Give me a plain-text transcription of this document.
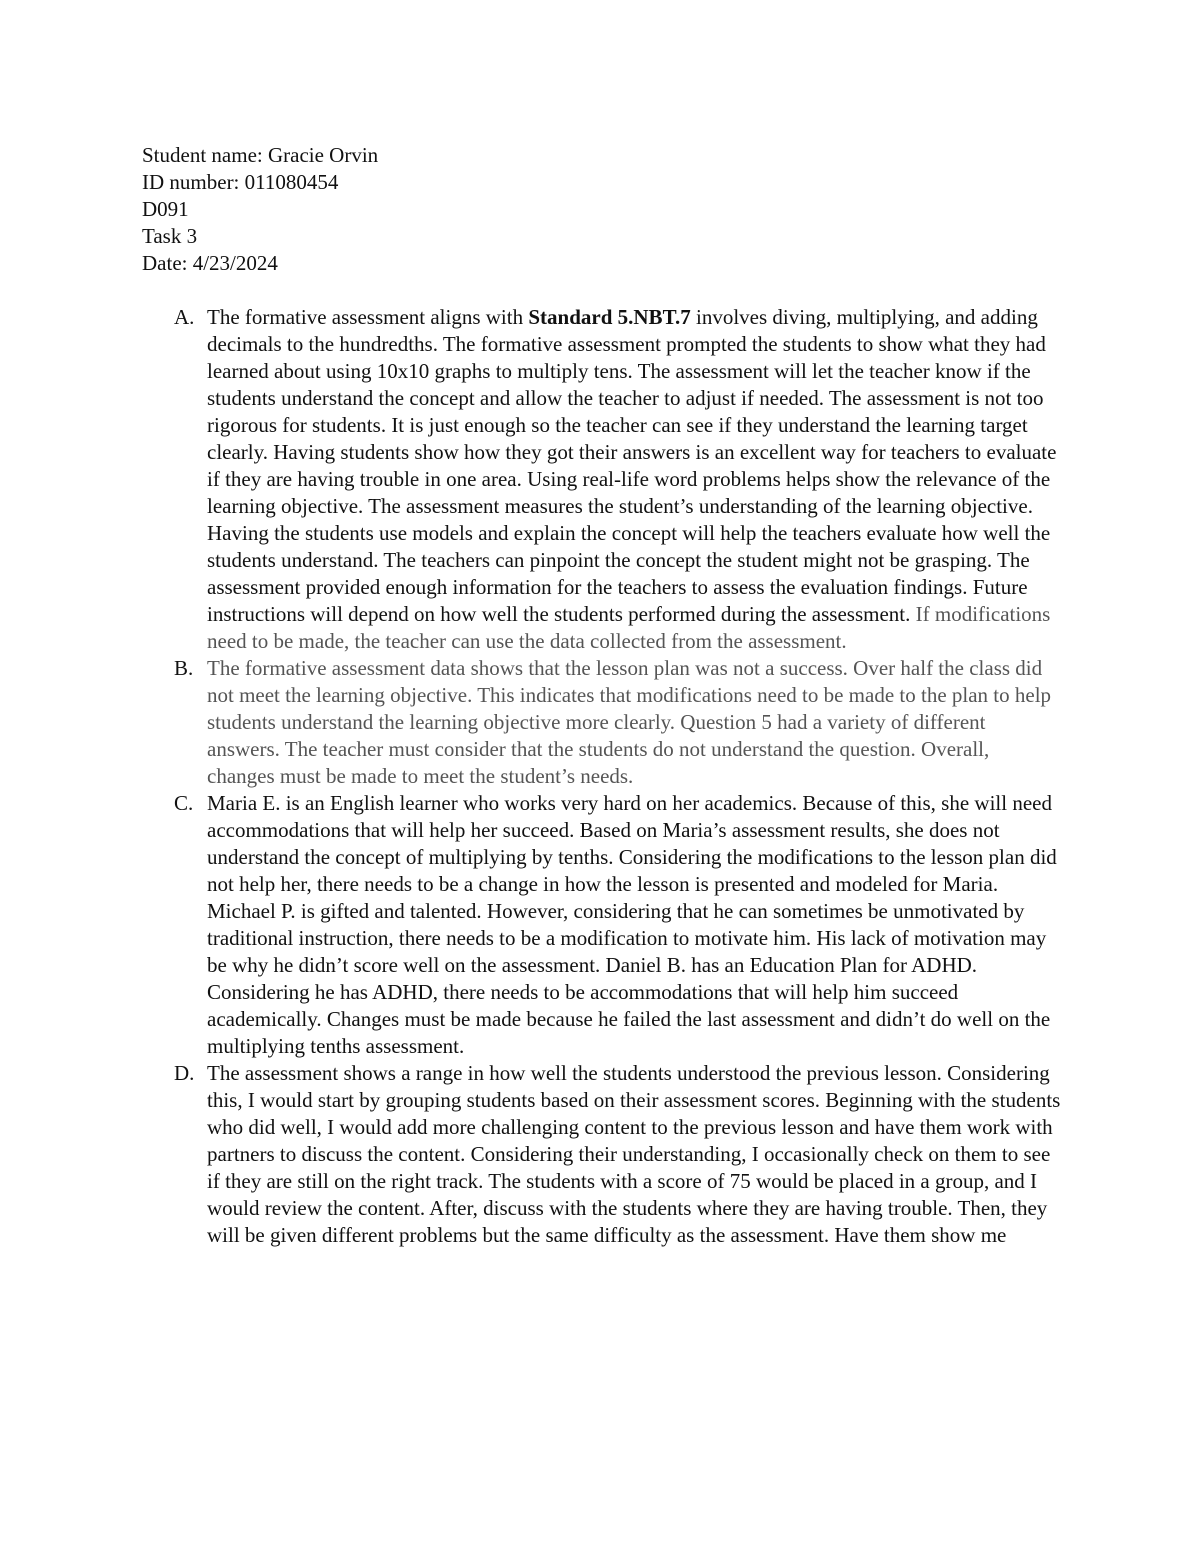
Student name: Gracie Orvin
ID number: 011080454
D091
Task 3
Date: 4/23/2024
A. The formative assessment aligns with Standard 5.NBT.7 involves diving, multiplying, and adding decimals to the hundredths. The formative assessment prompted the students to show what they had learned about using 10x10 graphs to multiply tens. The assessment will let the teacher know if the students understand the concept and allow the teacher to adjust if needed. The assessment is not too rigorous for students. It is just enough so the teacher can see if they understand the learning target clearly. Having students show how they got their answers is an excellent way for teachers to evaluate if they are having trouble in one area. Using real-life word problems helps show the relevance of the learning objective. The assessment measures the student’s understanding of the learning objective. Having the students use models and explain the concept will help the teachers evaluate how well the students understand. The teachers can pinpoint the concept the student might not be grasping. The assessment provided enough information for the teachers to assess the evaluation findings. Future instructions will depend on how well the students performed during the assessment. If modifications need to be made, the teacher can use the data collected from the assessment.
B. The formative assessment data shows that the lesson plan was not a success. Over half the class did not meet the learning objective. This indicates that modifications need to be made to the plan to help students understand the learning objective more clearly. Question 5 had a variety of different answers. The teacher must consider that the students do not understand the question. Overall, changes must be made to meet the student’s needs.
C. Maria E. is an English learner who works very hard on her academics. Because of this, she will need accommodations that will help her succeed. Based on Maria’s assessment results, she does not understand the concept of multiplying by tenths. Considering the modifications to the lesson plan did not help her, there needs to be a change in how the lesson is presented and modeled for Maria. Michael P. is gifted and talented. However, considering that he can sometimes be unmotivated by traditional instruction, there needs to be a modification to motivate him. His lack of motivation may be why he didn’t score well on the assessment. Daniel B. has an Education Plan for ADHD. Considering he has ADHD, there needs to be accommodations that will help him succeed academically. Changes must be made because he failed the last assessment and didn’t do well on the multiplying tenths assessment.
D. The assessment shows a range in how well the students understood the previous lesson. Considering this, I would start by grouping students based on their assessment scores. Beginning with the students who did well, I would add more challenging content to the previous lesson and have them work with partners to discuss the content. Considering their understanding, I occasionally check on them to see if they are still on the right track. The students with a score of 75 would be placed in a group, and I would review the content. After, discuss with the students where they are having trouble. Then, they will be given different problems but the same difficulty as the assessment. Have them show me
